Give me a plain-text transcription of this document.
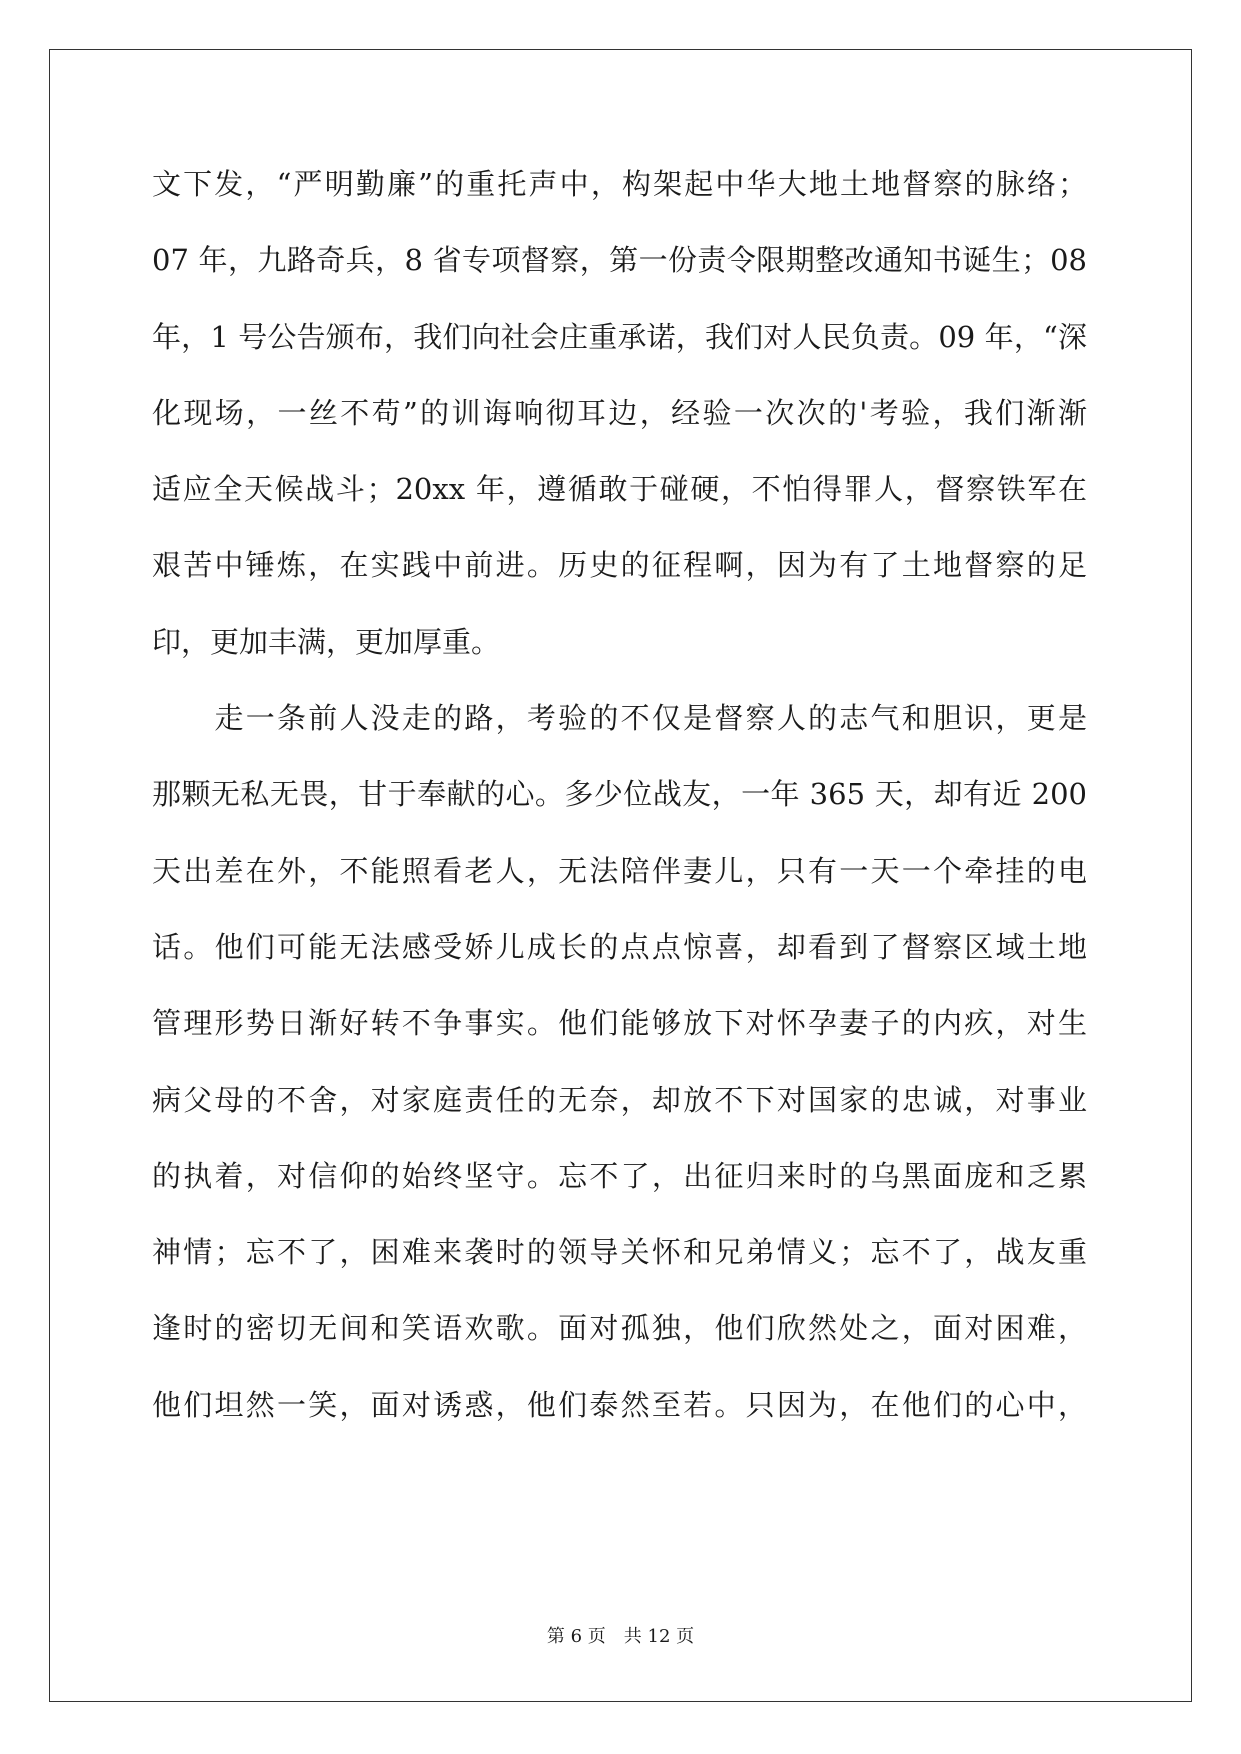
文下发，“严明勤廉”的重托声中，构架起中华大地土地督察的脉络；
07 年，九路奇兵，8 省专项督察，第一份责令限期整改通知书诞生；08
年，1 号公告颁布，我们向社会庄重承诺，我们对人民负责。09 年，“深
化现场，一丝不苟”的训诲响彻耳边，经验一次次的'考验，我们渐渐
适应全天候战斗；20xx 年，遵循敢于碰硬，不怕得罪人，督察铁军在
艰苦中锤炼，在实践中前进。历史的征程啊，因为有了土地督察的足
印，更加丰满，更加厚重。
　　走一条前人没走的路，考验的不仅是督察人的志气和胆识，更是
那颗无私无畏，甘于奉献的心。多少位战友，一年 365 天，却有近 200
天出差在外，不能照看老人，无法陪伴妻儿，只有一天一个牵挂的电
话。他们可能无法感受娇儿成长的点点惊喜，却看到了督察区域土地
管理形势日渐好转不争事实。他们能够放下对怀孕妻子的内疚，对生
病父母的不舍，对家庭责任的无奈，却放不下对国家的忠诚，对事业
的执着，对信仰的始终坚守。忘不了，出征归来时的乌黑面庞和乏累
神情；忘不了，困难来袭时的领导关怀和兄弟情义；忘不了，战友重
逢时的密切无间和笑语欢歌。面对孤独，他们欣然处之，面对困难，
他们坦然一笑，面对诱惑，他们泰然至若。只因为，在他们的心中，
第 6 页 共 12 页
